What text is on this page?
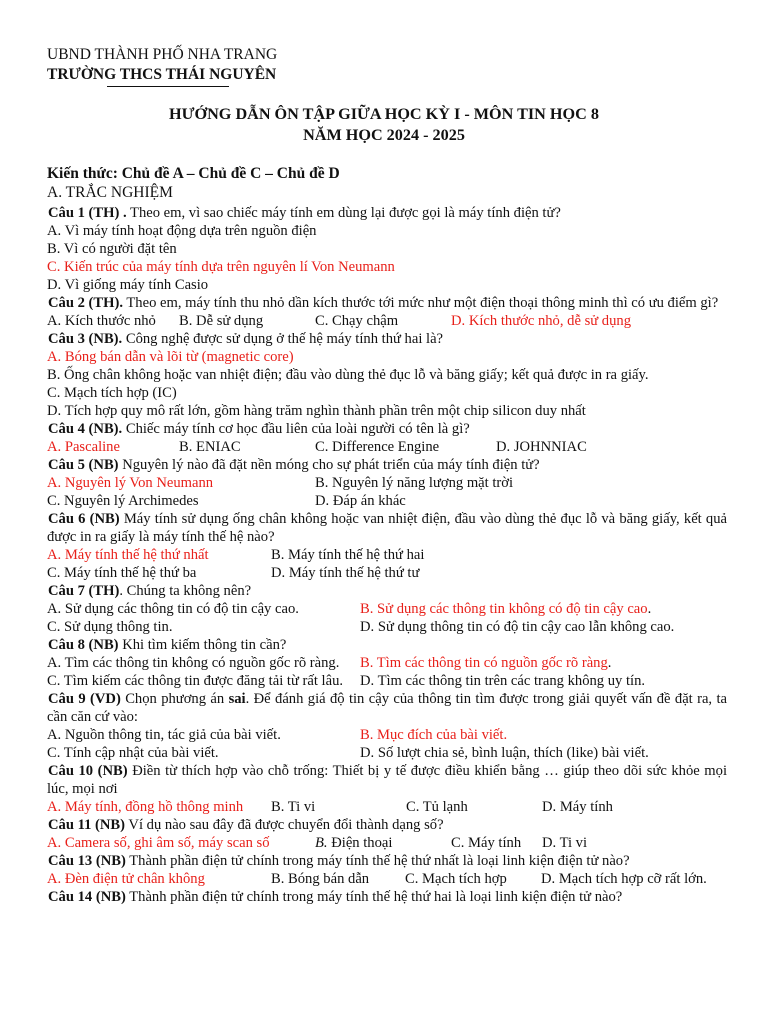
UBND THÀNH PHỐ NHA TRANG
TRƯỜNG THCS THÁI NGUYÊN
HƯỚNG DẪN ÔN TẬP GIỮA HỌC KỲ I - MÔN TIN HỌC 8
NĂM HỌC 2024 - 2025
Kiến thức: Chủ đề A – Chủ đề C – Chủ đề D
A. TRẮC NGHIỆM
Câu 1 (TH) . Theo em, vì sao chiếc máy tính em dùng lại được gọi là máy tính điện tử?
A. Vì máy tính hoạt động dựa trên nguồn điện
B. Vì có người đặt tên
C. Kiến trúc của máy tính dựa trên nguyên lí Von Neumann
D. Vì giống máy tính Casio
Câu 2 (TH). Theo em, máy tính thu nhỏ dần kích thước tới mức như một điện thoại thông minh thì có ưu điểm gì?
A. Kích thước nhỏ	B. Dễ sử dụng	C. Chạy chậm	D. Kích thước nhỏ, dễ sử dụng
Câu 3 (NB). Công nghệ được sử dụng ở thế hệ máy tính thứ hai là?
A. Bóng bán dẫn và lõi từ (magnetic core)
B. Ống chân không hoặc van nhiệt điện; đầu vào dùng thẻ đục lỗ và băng giấy; kết quả được in ra giấy.
C. Mạch tích hợp (IC)
D. Tích hợp quy mô rất lớn, gồm hàng trăm nghìn thành phần trên một chip silicon duy nhất
Câu 4 (NB). Chiếc máy tính cơ học đầu liên của loài người có tên là gì?
A. Pascaline	B. ENIAC	C. Difference Engine	D. JOHNNIAC
Câu 5 (NB) Nguyên lý nào đã đặt nền móng cho sự phát triển của máy tính điện tử?
A. Nguyên lý Von Neumann	B. Nguyên lý năng lượng mặt trời
C. Nguyên lý Archimedes	D. Đáp án khác
Câu 6 (NB) Máy tính sử dụng ống chân không hoặc van nhiệt điện, đầu vào dùng thẻ đục lỗ và băng giấy, kết quả được in ra giấy là máy tính thế hệ nào?
A. Máy tính thế hệ thứ nhất	B. Máy tính thế hệ thứ hai
C. Máy tính thế hệ thứ ba	D. Máy tính thế hệ thứ tư
Câu 7 (TH). Chúng ta không nên?
A. Sử dụng các thông tin có độ tin cậy cao.	B. Sử dụng các thông tin không có độ tin cậy cao.
C. Sử dụng thông tin.	D. Sử dụng thông tin có độ tin cậy cao lẫn không cao.
Câu 8 (NB) Khi tìm kiếm thông tin cần?
A. Tìm các thông tin không có nguồn gốc rõ ràng.	B. Tìm các thông tin có nguồn gốc rõ ràng.
C. Tìm kiếm các thông tin được đăng tải từ rất lâu.	D. Tìm các thông tin trên các trang không uy tín.
Câu 9 (VD) Chọn phương án sai. Để đánh giá độ tin cậy của thông tin tìm được trong giải quyết vấn đề đặt ra, ta cần căn cứ vào:
A. Nguồn thông tin, tác giả của bài viết.	B. Mục đích của bài viết.
C. Tính cập nhật của bài viết.	D. Số lượt chia sẻ, bình luận, thích (like) bài viết.
Câu 10 (NB) Điền từ thích hợp vào chỗ trống: Thiết bị y tế được điều khiển bằng … giúp theo dõi sức khỏe mọi lúc, mọi nơi
A. Máy tính, đồng hồ thông minh	B. Ti vi	C. Tủ lạnh	D. Máy tính
Câu 11 (NB) Ví dụ nào sau đây đã được chuyển đổi thành dạng số?
A. Camera số, ghi âm số, máy scan số	B. Điện thoại	C. Máy tính	D. Ti vi
Câu 13 (NB) Thành phần điện tử chính trong máy tính thế hệ thứ nhất là loại linh kiện điện tử nào?
A. Đèn điện tử chân không	B. Bóng bán dẫn	C. Mạch tích hợp	D. Mạch tích hợp cỡ rất lớn.
Câu 14 (NB) Thành phần điện tử chính trong máy tính thế hệ thứ hai là loại linh kiện điện tử nào?
